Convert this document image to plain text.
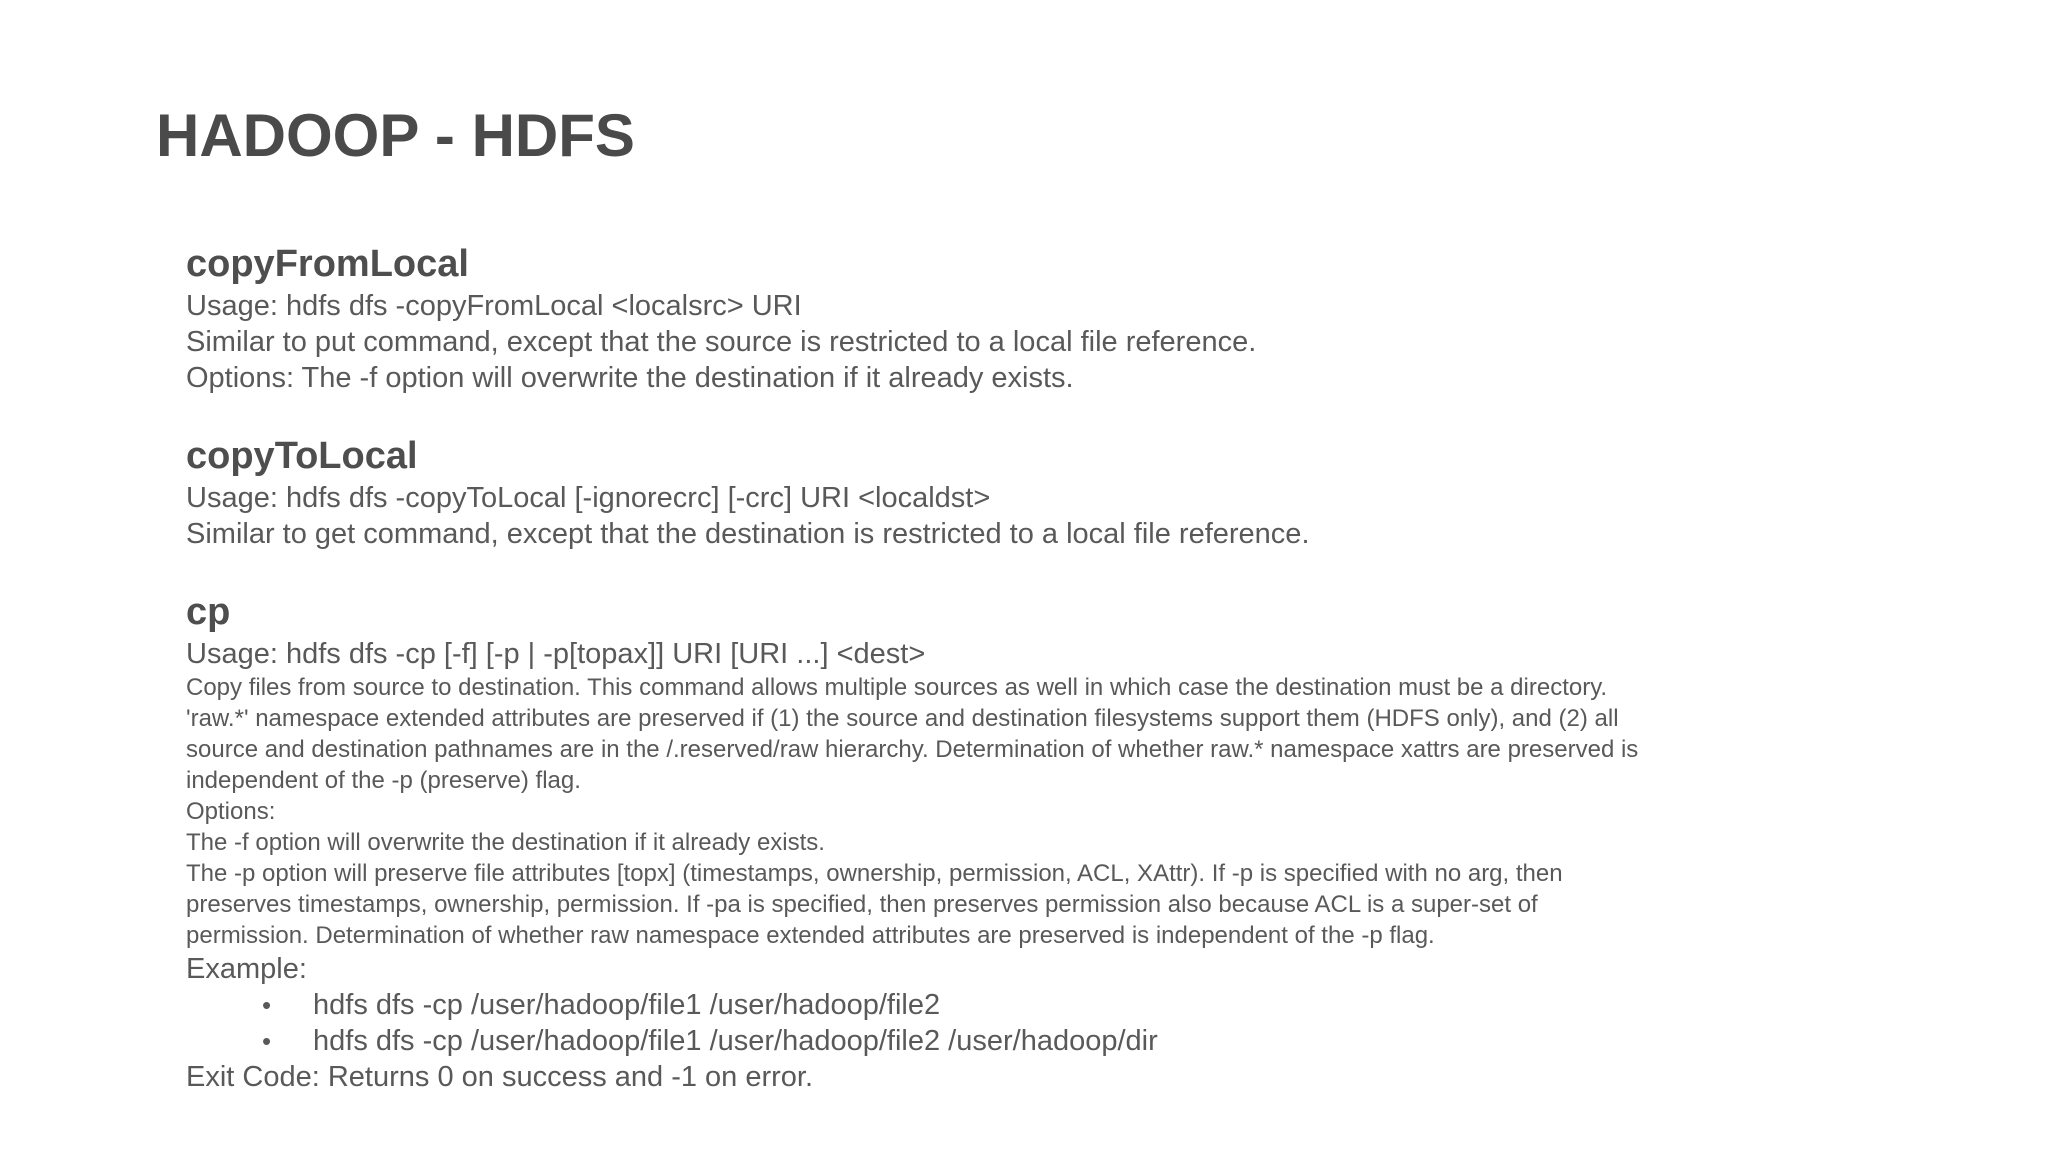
HADOOP - HDFS

copyFromLocal

Usage: hdfs dfs -copyFromLocal <localsrc> URI

Similar to put command, except that the source is restricted to a local file reference.

Options: The -f option will overwrite the destination if it already exists.

copyToLocal

Usage: hdfs dfs -copyToLocal [-ignorecrc] [-crc] URI <localdst>

Similar to get command, except that the destination is restricted to a local file reference.

cp

Usage: hdfs dfs -cp [-f] [-p | -p[topax]] URI [URI ...] <dest>

Copy files from source to destination. This command allows multiple sources as well in which case the destination must be a directory.

'raw.*' namespace extended attributes are preserved if (1) the source and destination filesystems support them (HDFS only), and (2) all

source and destination pathnames are in the /.reserved/raw hierarchy. Determination of whether raw.* namespace xattrs are preserved is

independent of the -p (preserve) flag.

Options:

The -f option will overwrite the destination if it already exists.

The -p option will preserve file attributes [topx] (timestamps, ownership, permission, ACL, XAttr). If -p is specified with no arg, then

preserves timestamps, ownership, permission. If -pa is specified, then preserves permission also because ACL is a super-set of

permission. Determination of whether raw namespace extended attributes are preserved is independent of the -p flag.

Example:

• hdfs dfs -cp /user/hadoop/file1 /user/hadoop/file2
• hdfs dfs -cp /user/hadoop/file1 /user/hadoop/file2 /user/hadoop/dir

Exit Code: Returns 0 on success and -1 on error.
